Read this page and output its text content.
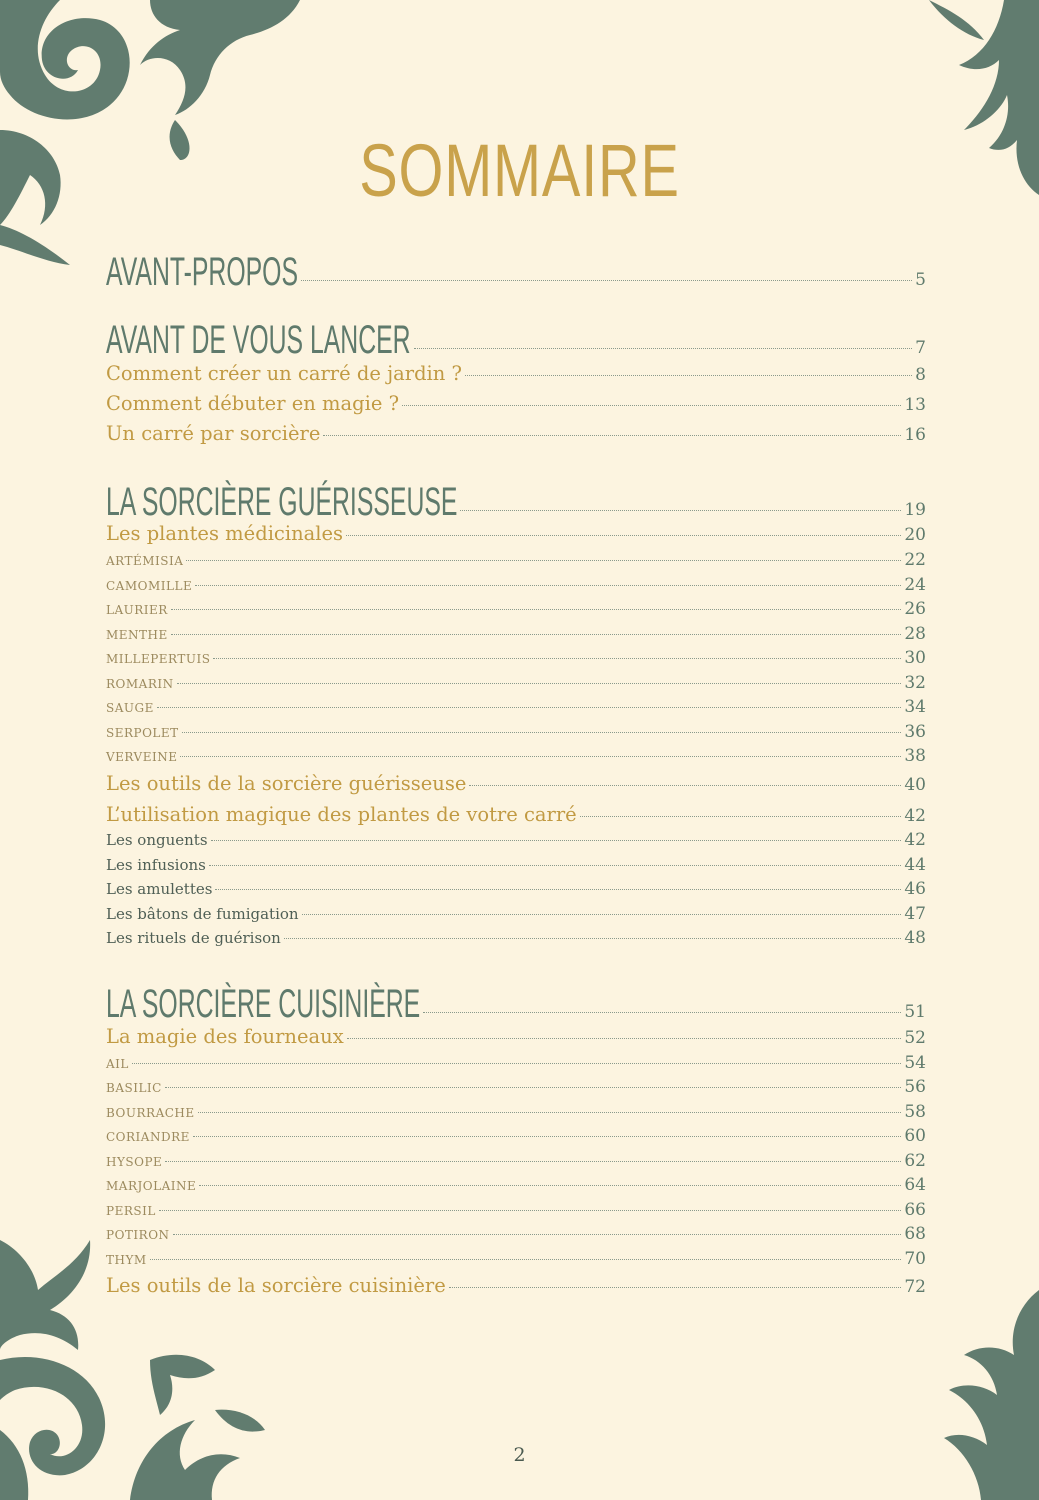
SOMMAIRE
AVANT-PROPOS	5
AVANT DE VOUS LANCER	7
Comment créer un carré de jardin ?	8
Comment débuter en magie ?	13
Un carré par sorcière	16
LA SORCIÈRE GUÉRISSEUSE	19
Les plantes médicinales	20
ARTÉMISIA	22
CAMOMILLE	24
LAURIER	26
MENTHE	28
MILLEPERTUIS	30
ROMARIN	32
SAUGE	34
SERPOLET	36
VERVEINE	38
Les outils de la sorcière guérisseuse	40
L’utilisation magique des plantes de votre carré	42
Les onguents	42
Les infusions	44
Les amulettes	46
Les bâtons de fumigation	47
Les rituels de guérison	48
LA SORCIÈRE CUISINIÈRE	51
La magie des fourneaux	52
AIL	54
BASILIC	56
BOURRACHE	58
CORIANDRE	60
HYSOPE	62
MARJOLAINE	64
PERSIL	66
POTIRON	68
THYM	70
Les outils de la sorcière cuisinière	72
2
